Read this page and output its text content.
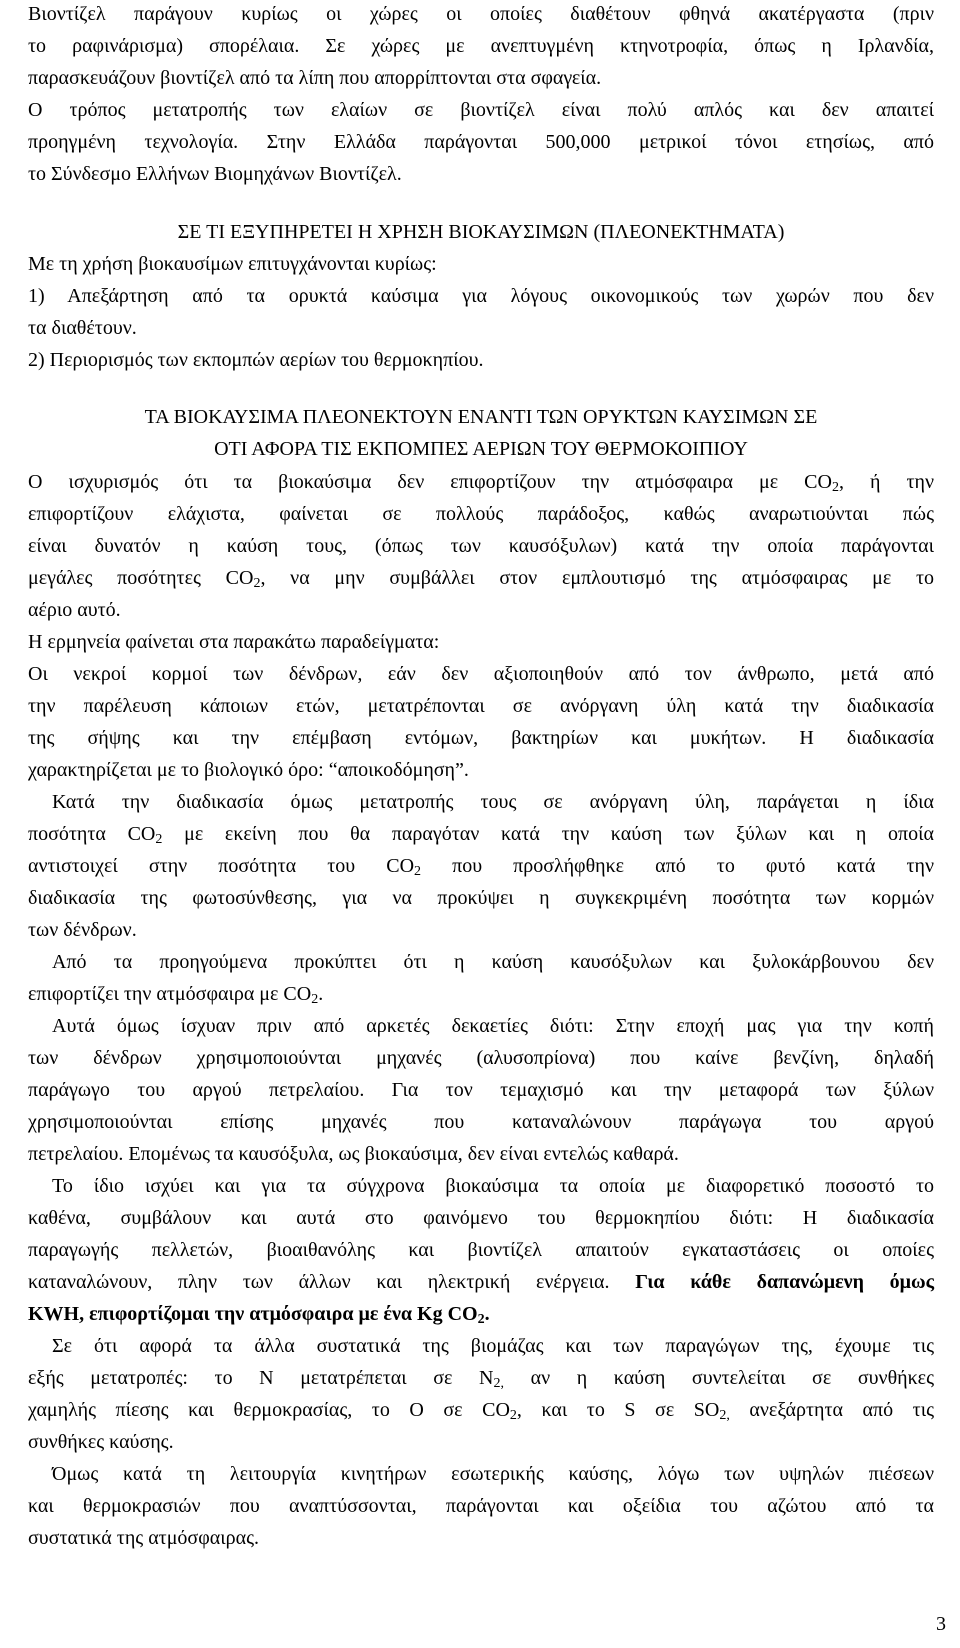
Βιοντίζελ παράγουν κυρίως οι χώρες οι οποίες διαθέτουν φθηνά ακατέργαστα (πριν
το ραφινάρισμα) σπορέλαια. Σε χώρες με ανεπτυγμένη κτηνοτροφία, όπως η Ιρλανδία,
παρασκευάζουν βιοντίζελ από τα λίπη που απορρίπτονται στα σφαγεία.
Ο τρόπος μετατροπής των ελαίων σε βιοντίζελ είναι πολύ απλός και δεν απαιτεί
προηγμένη τεχνολογία. Στην Ελλάδα παράγονται 500,000 μετρικοί τόνοι ετησίως, από
το Σύνδεσμο Ελλήνων Βιομηχάνων Βιοντίζελ.
ΣΕ ΤΙ ΕΞΥΠΗΡΕΤΕΙ Η ΧΡΗΣΗ ΒΙΟΚΑΥΣΙΜΩΝ (ΠΛΕΟΝΕΚΤΗΜΑΤΑ)
Με τη χρήση βιοκαυσίμων επιτυγχάνονται κυρίως:
1) Απεξάρτηση από τα ορυκτά καύσιμα για λόγους οικονομικούς των χωρών που δεν
τα διαθέτουν.
2) Περιορισμός των εκπομπών αερίων του θερμοκηπίου.
ΤΑ ΒΙΟΚΑΥΣΙΜΑ ΠΛΕΟΝΕΚΤΟΥΝ ΕΝΑΝΤΙ ΤΩΝ ΟΡΥΚΤΩΝ ΚΑΥΣΙΜΩΝ ΣΕ
ΟΤΙ ΑΦΟΡΑ ΤΙΣ ΕΚΠΟΜΠΕΣ ΑΕΡΙΩΝ ΤΟΥ ΘΕΡΜΟΚΟΙΠΙΟΥ
Ο ισχυρισμός ότι τα βιοκαύσιμα δεν επιφορτίζουν την ατμόσφαιρα με $CO_2$, ή την
επιφορτίζουν ελάχιστα, φαίνεται σε πολλούς παράδοξος, καθώς αναρωτιούνται πώς
είναι δυνατόν η καύση τους, (όπως των καυσόξυλων) κατά την οποία παράγονται
μεγάλες ποσότητες $CO_2$, να μην συμβάλλει στον εμπλουτισμό της ατμόσφαιρας με το
αέριο αυτό.
Η ερμηνεία φαίνεται στα παρακάτω παραδείγματα:
Οι νεκροί κορμοί των δένδρων, εάν δεν αξιοποιηθούν από τον άνθρωπο, μετά από
την παρέλευση κάποιων ετών, μετατρέπονται σε ανόργανη ύλη κατά την διαδικασία
της σήψης και την επέμβαση εντόμων, βακτηρίων και μυκήτων. Η διαδικασία
χαρακτηρίζεται με το βιολογικό όρο: “αποικοδόμηση”.
Κατά την διαδικασία όμως μετατροπής τους σε ανόργανη ύλη, παράγεται η ίδια
ποσότητα $CO_2$ με εκείνη που θα παραγόταν κατά την καύση των ξύλων και η οποία
αντιστοιχεί στην ποσότητα του $CO_2$ που προσλήφθηκε από το φυτό κατά την
διαδικασία της φωτοσύνθεσης, για να προκύψει η συγκεκριμένη ποσότητα των κορμών
των δένδρων.
Από τα προηγούμενα προκύπτει ότι η καύση καυσόξυλων και ξυλοκάρβουνου δεν
επιφορτίζει την ατμόσφαιρα με $CO_2$.
Αυτά όμως ίσχυαν πριν από αρκετές δεκαετίες διότι: Στην εποχή μας για την κοπή
των δένδρων χρησιμοποιούνται μηχανές (αλυσοπρίονα) που καίνε βενζίνη, δηλαδή
παράγωγο του αργού πετρελαίου. Για τον τεμαχισμό και την μεταφορά των ξύλων
χρησιμοποιούνται επίσης μηχανές που καταναλώνουν παράγωγα του αργού
πετρελαίου. Επομένως τα καυσόξυλα, ως βιοκαύσιμα, δεν είναι εντελώς καθαρά.
Το ίδιο ισχύει και για τα σύγχρονα βιοκαύσιμα τα οποία με διαφορετικό ποσοστό το
καθένα, συμβάλουν και αυτά στο φαινόμενο του θερμοκηπίου διότι: Η διαδικασία
παραγωγής πελλετών, βιοαιθανόλης και βιοντίζελ απαιτούν εγκαταστάσεις οι οποίες
καταναλώνουν, πλην των άλλων και ηλεκτρική ενέργεια. Για κάθε δαπανώμενη όμως
KWH, επιφορτίζομαι την ατμόσφαιρα με ένα Kg $CO_2$.
Σε ότι αφορά τα άλλα συστατικά της βιομάζας και των παραγώγων της, έχουμε τις
εξής μετατροπές: το N μετατρέπεται σε $N_{2,}$ αν η καύση συντελείται σε συνθήκες
χαμηλής πίεσης και θερμοκρασίας, το Ο σε $CO_2$, και το S σε $SO_{2,}$ ανεξάρτητα από τις
συνθήκες καύσης.
Όμως κατά τη λειτουργία κινητήρων εσωτερικής καύσης, λόγω των υψηλών πιέσεων
και θερμοκρασιών που αναπτύσσονται, παράγονται και οξείδια του αζώτου από τα
συστατικά της ατμόσφαιρας.
3
